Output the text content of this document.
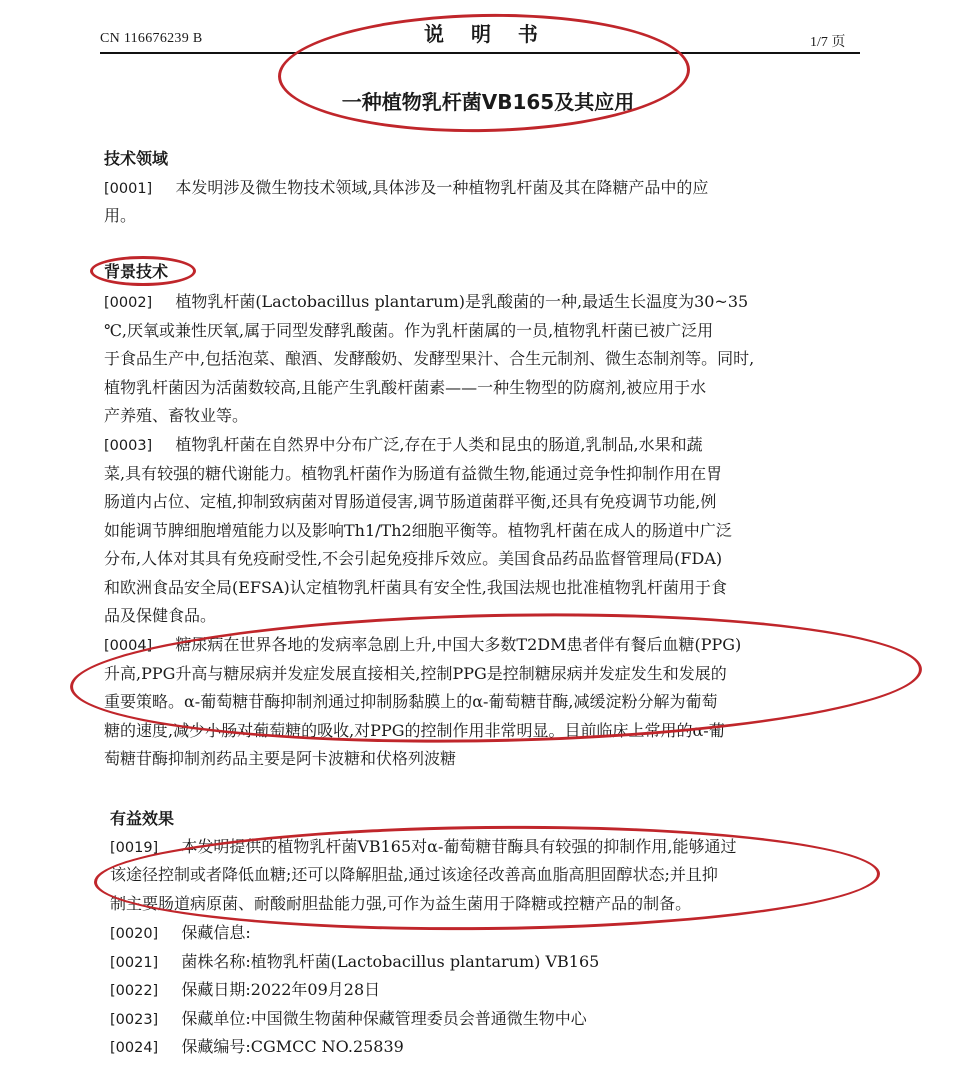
CN 116676239 B	说 明 书	1/7 页
一种植物乳杆菌VB165及其应用
技术领域
[0001] 本发明涉及微生物技术领域,具体涉及一种植物乳杆菌及其在降糖产品中的应
用。
背景技术
[0002] 植物乳杆菌(Lactobacillus plantarum)是乳酸菌的一种,最适生长温度为30~35
℃,厌氧或兼性厌氧,属于同型发酵乳酸菌。作为乳杆菌属的一员,植物乳杆菌已被广泛用
于食品生产中,包括泡菜、酿酒、发酵酸奶、发酵型果汁、合生元制剂、微生态制剂等。同时,
植物乳杆菌因为活菌数较高,且能产生乳酸杆菌素——一种生物型的防腐剂,被应用于水
产养殖、畜牧业等。
[0003] 植物乳杆菌在自然界中分布广泛,存在于人类和昆虫的肠道,乳制品,水果和蔬
菜,具有较强的糖代谢能力。植物乳杆菌作为肠道有益微生物,能通过竞争性抑制作用在胃
肠道内占位、定植,抑制致病菌对胃肠道侵害,调节肠道菌群平衡,还具有免疫调节功能,例
如能调节脾细胞增殖能力以及影响Th1/Th2细胞平衡等。植物乳杆菌在成人的肠道中广泛
分布,人体对其具有免疫耐受性,不会引起免疫排斥效应。美国食品药品监督管理局(FDA)
和欧洲食品安全局(EFSA)认定植物乳杆菌具有安全性,我国法规也批准植物乳杆菌用于食
品及保健食品。
[0004] 糖尿病在世界各地的发病率急剧上升,中国大多数T2DM患者伴有餐后血糖(PPG)
升高,PPG升高与糖尿病并发症发展直接相关,控制PPG是控制糖尿病并发症发生和发展的
重要策略。α-葡萄糖苷酶抑制剂通过抑制肠黏膜上的α-葡萄糖苷酶,减缓淀粉分解为葡萄
糖的速度,减少小肠对葡萄糖的吸收,对PPG的控制作用非常明显。目前临床上常用的α-葡
萄糖苷酶抑制剂药品主要是阿卡波糖和伏格列波糖
有益效果
[0019] 本发明提供的植物乳杆菌VB165对α-葡萄糖苷酶具有较强的抑制作用,能够通过
该途径控制或者降低血糖;还可以降解胆盐,通过该途径改善高血脂高胆固醇状态;并且抑
制主要肠道病原菌、耐酸耐胆盐能力强,可作为益生菌用于降糖或控糖产品的制备。
[0020] 保藏信息:
[0021] 菌株名称:植物乳杆菌(Lactobacillus plantarum) VB165
[0022] 保藏日期:2022年09月28日
[0023] 保藏单位:中国微生物菌种保藏管理委员会普通微生物中心
[0024] 保藏编号:CGMCC NO.25839
